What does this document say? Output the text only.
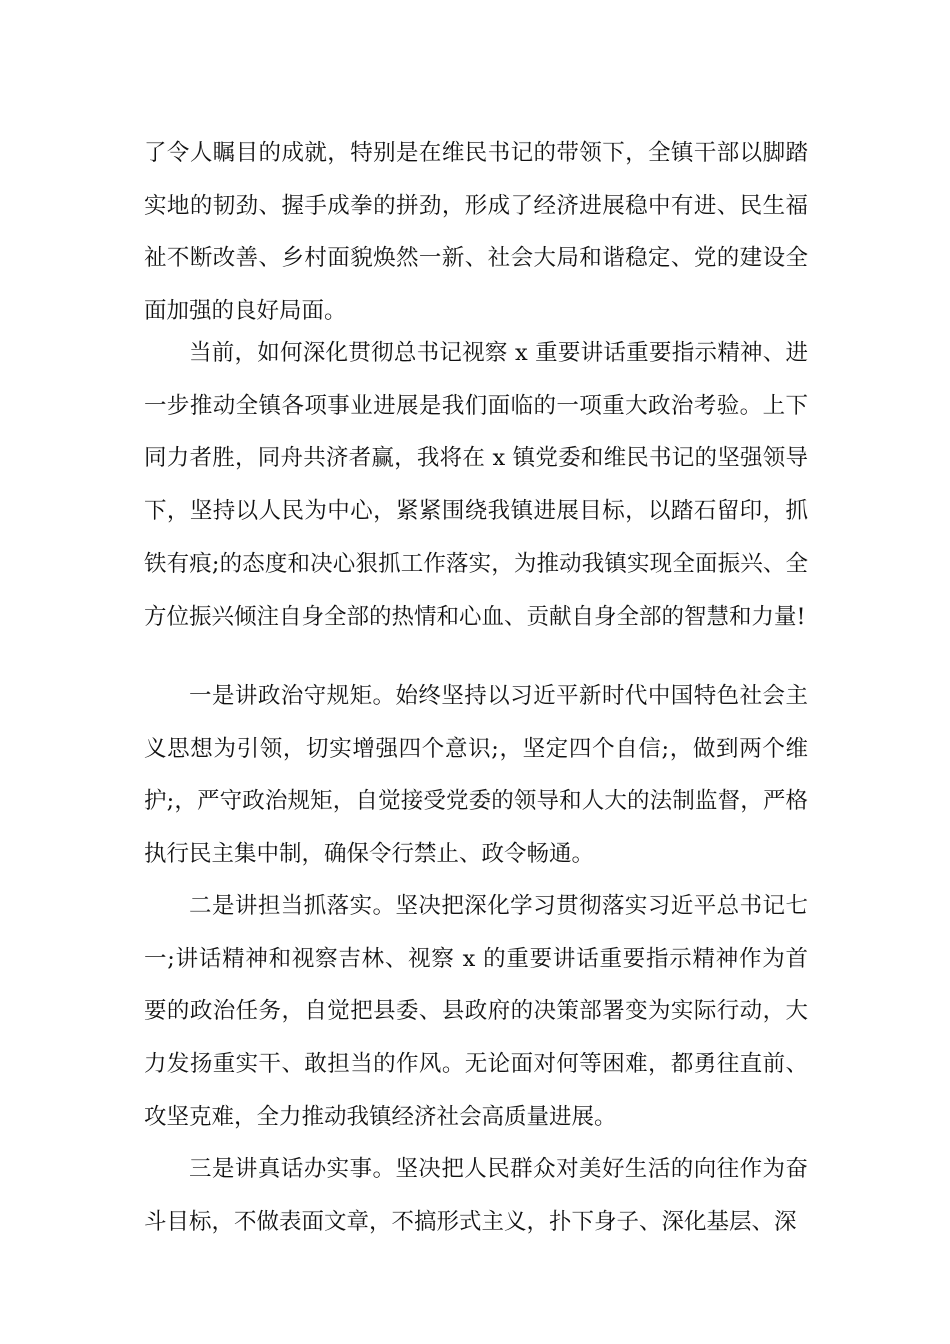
了令人瞩目的成就，特别是在维民书记的带领下，全镇干部以脚踏实地的韧劲、握手成拳的拼劲，形成了经济进展稳中有进、民生福祉不断改善、乡村面貌焕然一新、社会大局和谐稳定、党的建设全面加强的良好局面。

当前，如何深化贯彻总书记视察 x 重要讲话重要指示精神、进一步推动全镇各项事业进展是我们面临的一项重大政治考验。上下同力者胜，同舟共济者赢，我将在 x 镇党委和维民书记的坚强领导下，坚持以人民为中心，紧紧围绕我镇进展目标，以踏石留印，抓铁有痕;的态度和决心狠抓工作落实，为推动我镇实现全面振兴、全方位振兴倾注自身全部的热情和心血、贡献自身全部的智慧和力量!

一是讲政治守规矩。始终坚持以习近平新时代中国特色社会主义思想为引领，切实增强四个意识;，坚定四个自信;，做到两个维护;，严守政治规矩，自觉接受党委的领导和人大的法制监督，严格执行民主集中制，确保令行禁止、政令畅通。

二是讲担当抓落实。坚决把深化学习贯彻落实习近平总书记七一;讲话精神和视察吉林、视察 x 的重要讲话重要指示精神作为首要的政治任务，自觉把县委、县政府的决策部署变为实际行动，大力发扬重实干、敢担当的作风。无论面对何等困难，都勇往直前、攻坚克难，全力推动我镇经济社会高质量进展。

三是讲真话办实事。坚决把人民群众对美好生活的向往作为奋斗目标，不做表面文章，不搞形式主义，扑下身子、深化基层、深
